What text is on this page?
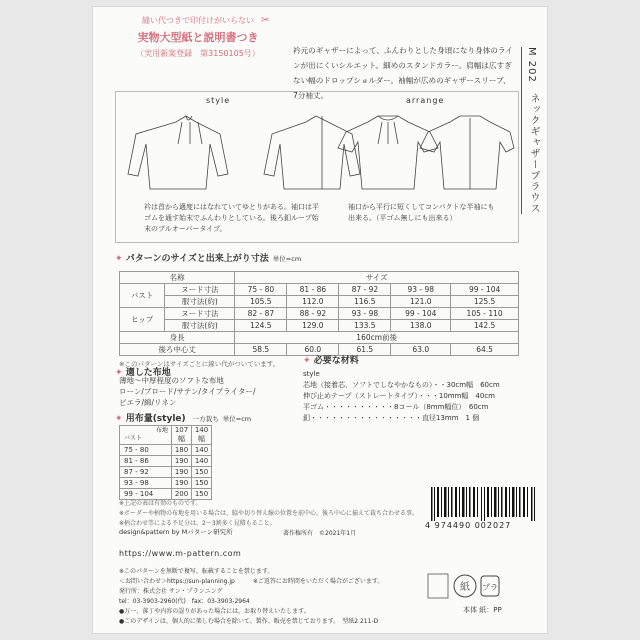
縫い代つきで印付けがいらない
実物大型紙と説明書つき
（実用新案登録　第3150105号）
✂
衿元のギャザーによって、ふんわりとした身頃になり身体のラインが出にくいシルエット。細めのスタンドカラー。肩幅は広すぎない幅のドロップショルダー。袖幅が広めのギャザースリーブ、7分袖丈。
M 202
ネックギャザーブラウス
style	arrange
衿は首から適度にはなれていてゆとりがある。袖口は平ゴムを通す始末でふんわりとしている。後ろ釦ループ始末のプルオーバータイプ。
袖口から平行に短くしてコンパクトな半袖にも出来る。（平ゴム無しにも出来る）
✦ パターンのサイズと出来上がり寸法 単位=cm
名称		サイズ				
バスト	ヌード寸法	75 - 80	81 - 86	87 - 92	93 - 98	99 - 104
	服寸法(約)	105.5	112.0	116.5	121.0	125.5
ヒップ	ヌード寸法	82 - 87	88 - 92	93 - 98	99 - 104	105 - 110
	服寸法(約)	124.5	129.0	133.5	138.0	142.5
身長		160cm前後				
後ろ中心丈		58.5	60.0	61.5	63.0	64.5
※このパターンはサイズごとに線い代がついています。
✦ 適した布地
薄地～中厚程度のソフトな布地
ローン/ブロード/サテン/タイプライター/
ビエラ/綿/リネン
✦ 必要な材料
style
芯地（接着芯、ソフトでしなやかなもの）・・30cm幅　60cm
伸び止めテープ（ストレートタイプ）・・・10mm幅　40cm
平ゴム・・・・・・・・・・8コール（8mm幅位）　60cm
釦・・・・・・・・・・・・・・・・直径13mm　1 個
✦ 用布量(style) 一方裁ち 単位=cm
布地
バスト	107幅	140幅
75 - 80	180	140
81 - 86	190	140
87 - 92	190	150
93 - 98	190	150
99 - 104	200	150
※上記の表は有効のものです。
※ボーダーや柄物の布地を用いる場合は、脇や切り替え線の位置を前中心、後ろ中心に揃えて裁ち合わせる事。
※柄合わせ等による不足分は、2～3割多く見積もること。	4 974490 002027
design&pattern by Mパターン研究所	著作権所有　©2021年1月
https://www.m-pattern.com
※このパターンを無断で複写、転載することを禁じます。
＜お問い合わせ＞https://sun-planning.jp　　　※ご返答にお時間をいただく場合がございます。
発行所：株式会社 サン・プランニング
tel：03-3903-2960(代)　fax：03-3903-2964
●万一、落丁や内容の誤りがあった場合には、お取り替えいたします。
●このデザインは、個人的に楽しむ場合を除いて、製作、販売を禁じております。　型紙2 211-D
紙 プラ
本体 紙：PP
